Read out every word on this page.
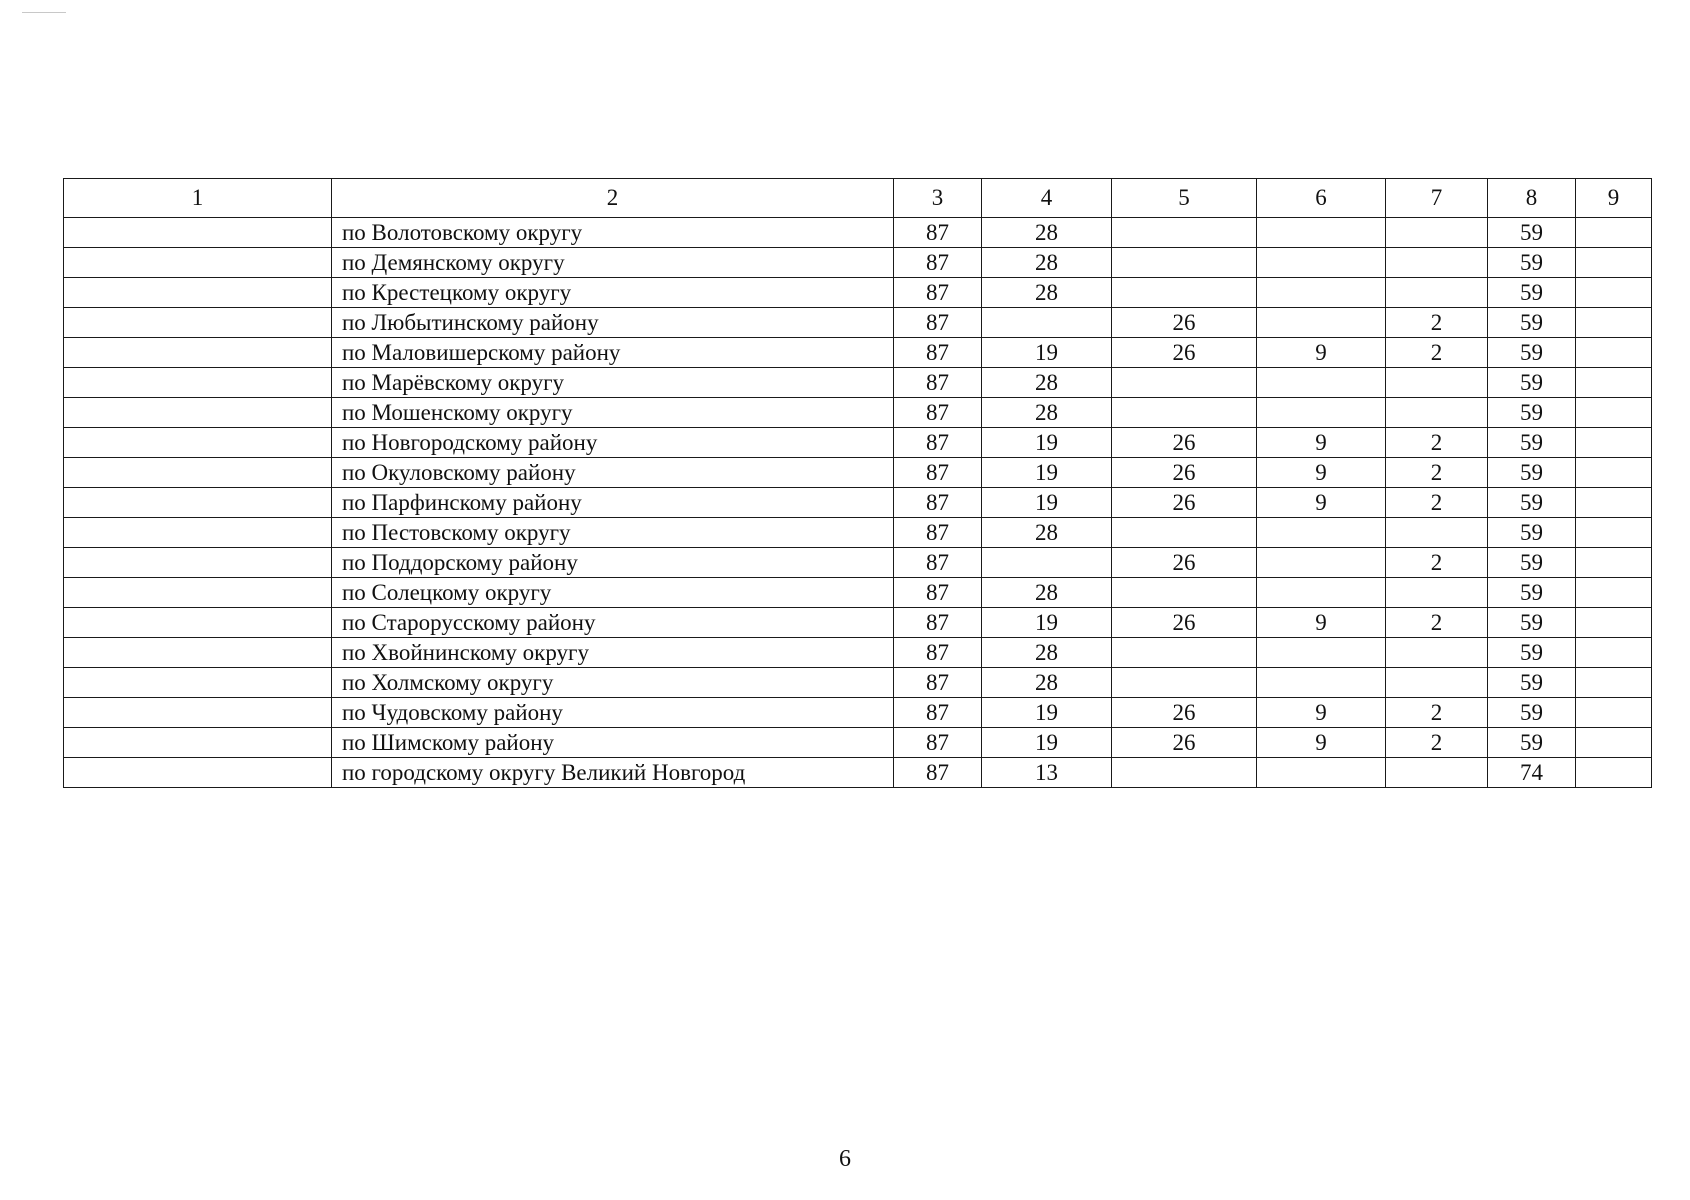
1	2	3	4	5	6	7	8	9
	по Волотовскому округу	87	28				59	
	по Демянскому округу	87	28				59	
	по Крестецкому округу	87	28				59	
	по Любытинскому району	87		26		2	59	
	по Маловишерскому району	87	19	26	9	2	59	
	по Марёвскому округу	87	28				59	
	по Мошенскому округу	87	28				59	
	по Новгородскому району	87	19	26	9	2	59	
	по Окуловскому району	87	19	26	9	2	59	
	по Парфинскому району	87	19	26	9	2	59	
	по Пестовскому округу	87	28				59	
	по Поддорскому району	87		26		2	59	
	по Солецкому округу	87	28				59	
	по Старорусскому району	87	19	26	9	2	59	
	по Хвойнинскому округу	87	28				59	
	по Холмскому округу	87	28				59	
	по Чудовскому району	87	19	26	9	2	59	
	по Шимскому району	87	19	26	9	2	59	
	по городскому округу Великий Новгород	87	13				74	
6
